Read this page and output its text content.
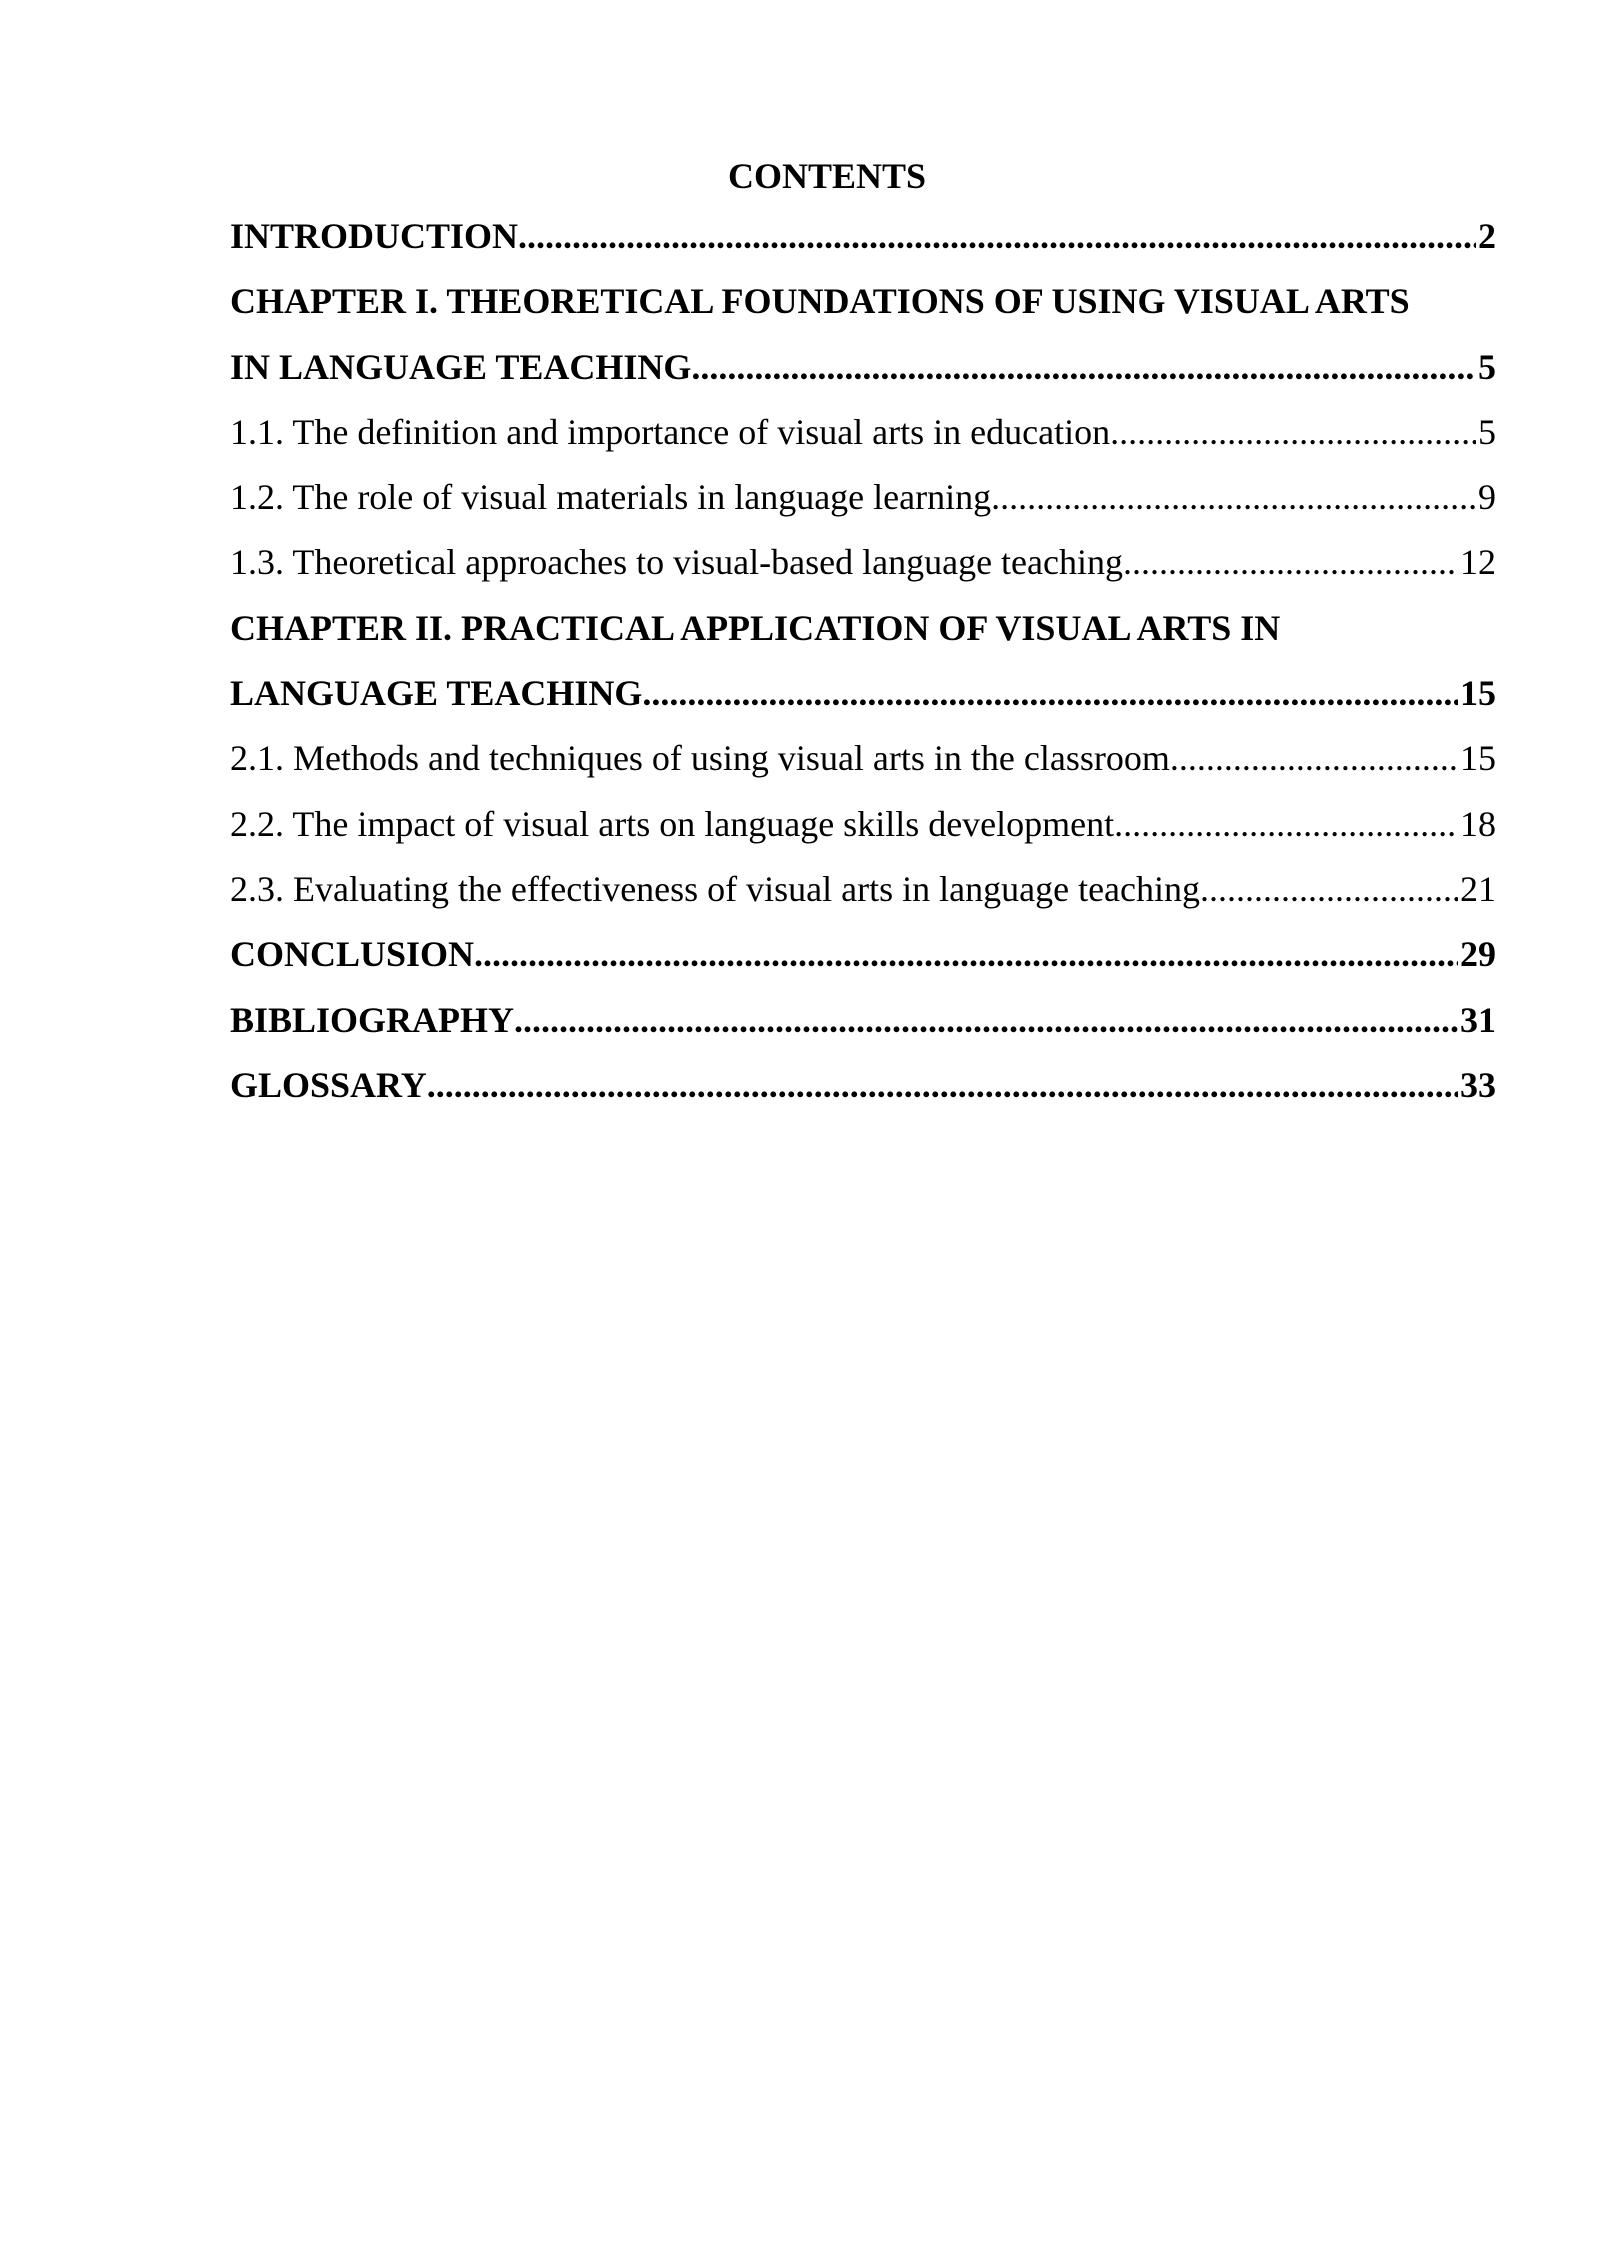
CONTENTS
INTRODUCTION .....	2
CHAPTER I. THEORETICAL FOUNDATIONS OF USING VISUAL ARTS
IN LANGUAGE TEACHING .....	5
1.1. The definition and importance of visual arts in education .....	5
1.2. The role of visual materials in language learning .....	9
1.3. Theoretical approaches to visual-based language teaching .....	12
CHAPTER II. PRACTICAL APPLICATION OF VISUAL ARTS IN
LANGUAGE TEACHING .....	15
2.1. Methods and techniques of using visual arts in the classroom .....	15
2.2. The impact of visual arts on language skills development .....	18
2.3. Evaluating the effectiveness of visual arts in language teaching .....	21
CONCLUSION .....	29
BIBLIOGRAPHY .....	31
GLOSSARY .....	33
